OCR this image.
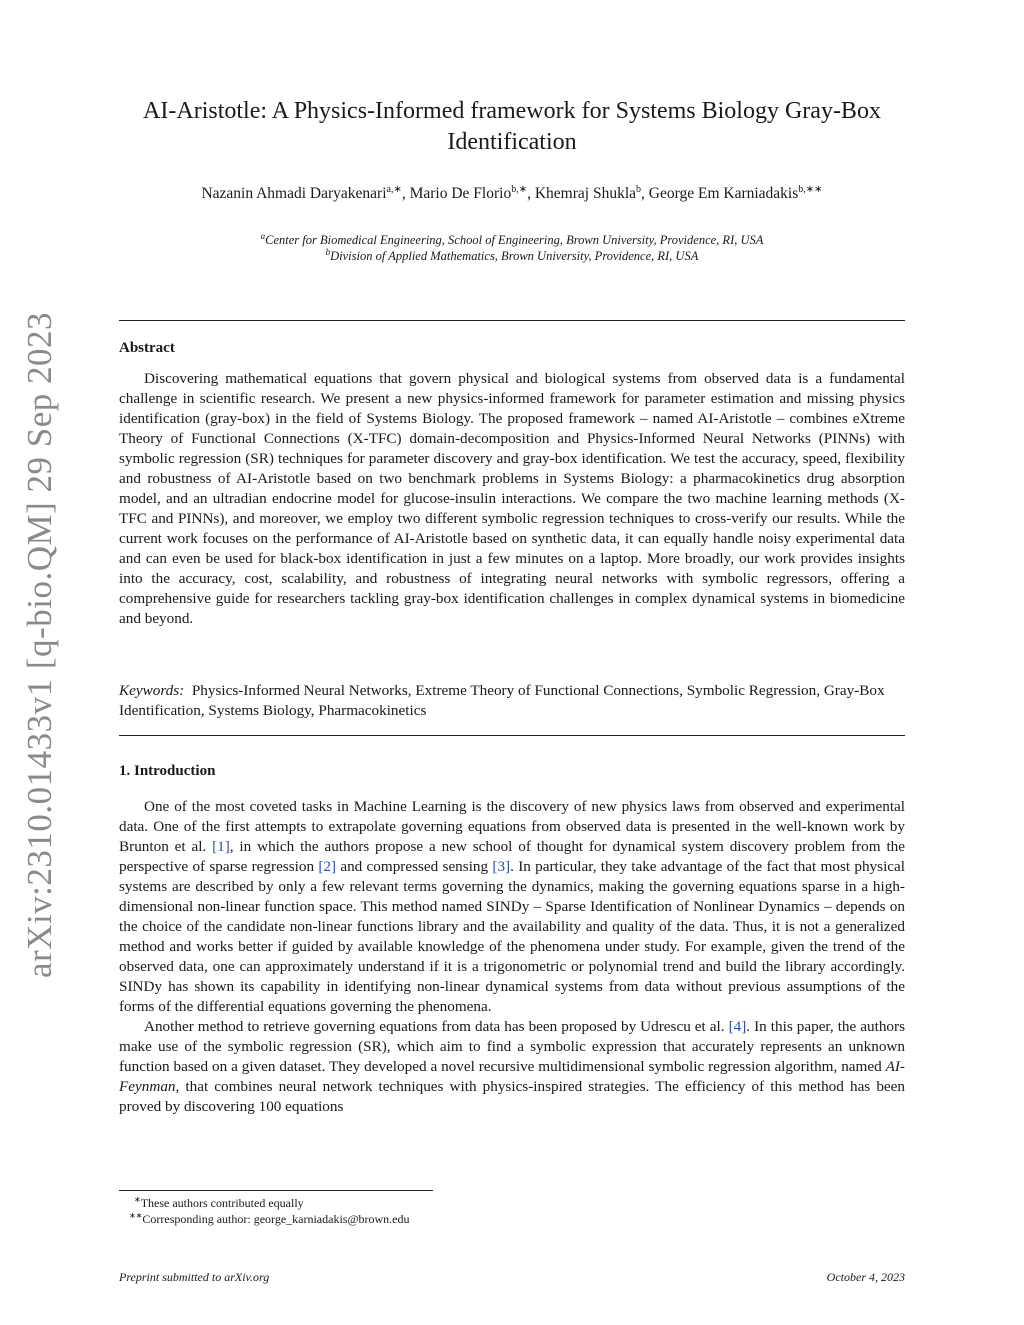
arXiv:2310.01433v1 [q-bio.QM] 29 Sep 2023
AI-Aristotle: A Physics-Informed framework for Systems Biology Gray-Box Identification
Nazanin Ahmadi Daryakenari$^{a,∗}$, Mario De Florio$^{b,∗}$, Khemraj Shukla$^b$, George Em Karniadakis$^{b,∗∗}$
$^a$Center for Biomedical Engineering, School of Engineering, Brown University, Providence, RI, USA
$^b$Division of Applied Mathematics, Brown University, Providence, RI, USA
Abstract

Discovering mathematical equations that govern physical and biological systems from observed data is a fundamental challenge in scientific research. We present a new physics-informed framework for parameter estimation and missing physics identification (gray-box) in the field of Systems Biology. The proposed framework – named AI-Aristotle – combines eXtreme Theory of Functional Connections (X-TFC) domain-decomposition and Physics-Informed Neural Networks (PINNs) with symbolic regression (SR) techniques for parameter discovery and gray-box identification. We test the accuracy, speed, flexibility and robustness of AI-Aristotle based on two benchmark problems in Systems Biology: a pharmacokinetics drug absorption model, and an ultradian endocrine model for glucose-insulin interactions. We compare the two machine learning methods (X-TFC and PINNs), and moreover, we employ two different symbolic regression techniques to cross-verify our results. While the current work focuses on the performance of AI-Aristotle based on synthetic data, it can equally handle noisy experimental data and can even be used for black-box identification in just a few minutes on a laptop. More broadly, our work provides insights into the accuracy, cost, scalability, and robustness of integrating neural networks with symbolic regressors, offering a comprehensive guide for researchers tackling gray-box identification challenges in complex dynamical systems in biomedicine and beyond.

Keywords: Physics-Informed Neural Networks, Extreme Theory of Functional Connections, Symbolic Regression, Gray-Box Identification, Systems Biology, Pharmacokinetics
1. Introduction

One of the most coveted tasks in Machine Learning is the discovery of new physics laws from observed and experimental data. One of the first attempts to extrapolate governing equations from observed data is presented in the well-known work by Brunton et al. [1], in which the authors propose a new school of thought for dynamical system discovery problem from the perspective of sparse regression [2] and compressed sensing [3]. In particular, they take advantage of the fact that most physical systems are described by only a few relevant terms governing the dynamics, making the governing equations sparse in a high-dimensional non-linear function space. This method named SINDy – Sparse Identification of Nonlinear Dynamics – depends on the choice of the candidate non-linear functions library and the availability and quality of the data. Thus, it is not a generalized method and works better if guided by available knowledge of the phenomena under study. For example, given the trend of the observed data, one can approximately understand if it is a trigonometric or polynomial trend and build the library accordingly. SINDy has shown its capability in identifying non-linear dynamical systems from data without previous assumptions of the forms of the differential equations governing the phenomena.

Another method to retrieve governing equations from data has been proposed by Udrescu et al. [4]. In this paper, the authors make use of the symbolic regression (SR), which aim to find a symbolic expression that accurately represents an unknown function based on a given dataset. They developed a novel recursive multidimensional symbolic regression algorithm, named AI-Feynman, that combines neural network techniques with physics-inspired strategies. The efficiency of this method has been proved by discovering 100 equations

∗These authors contributed equally
∗∗Corresponding author: george_karniadakis@brown.edu
Preprint submitted to arXiv.org	October 4, 2023
